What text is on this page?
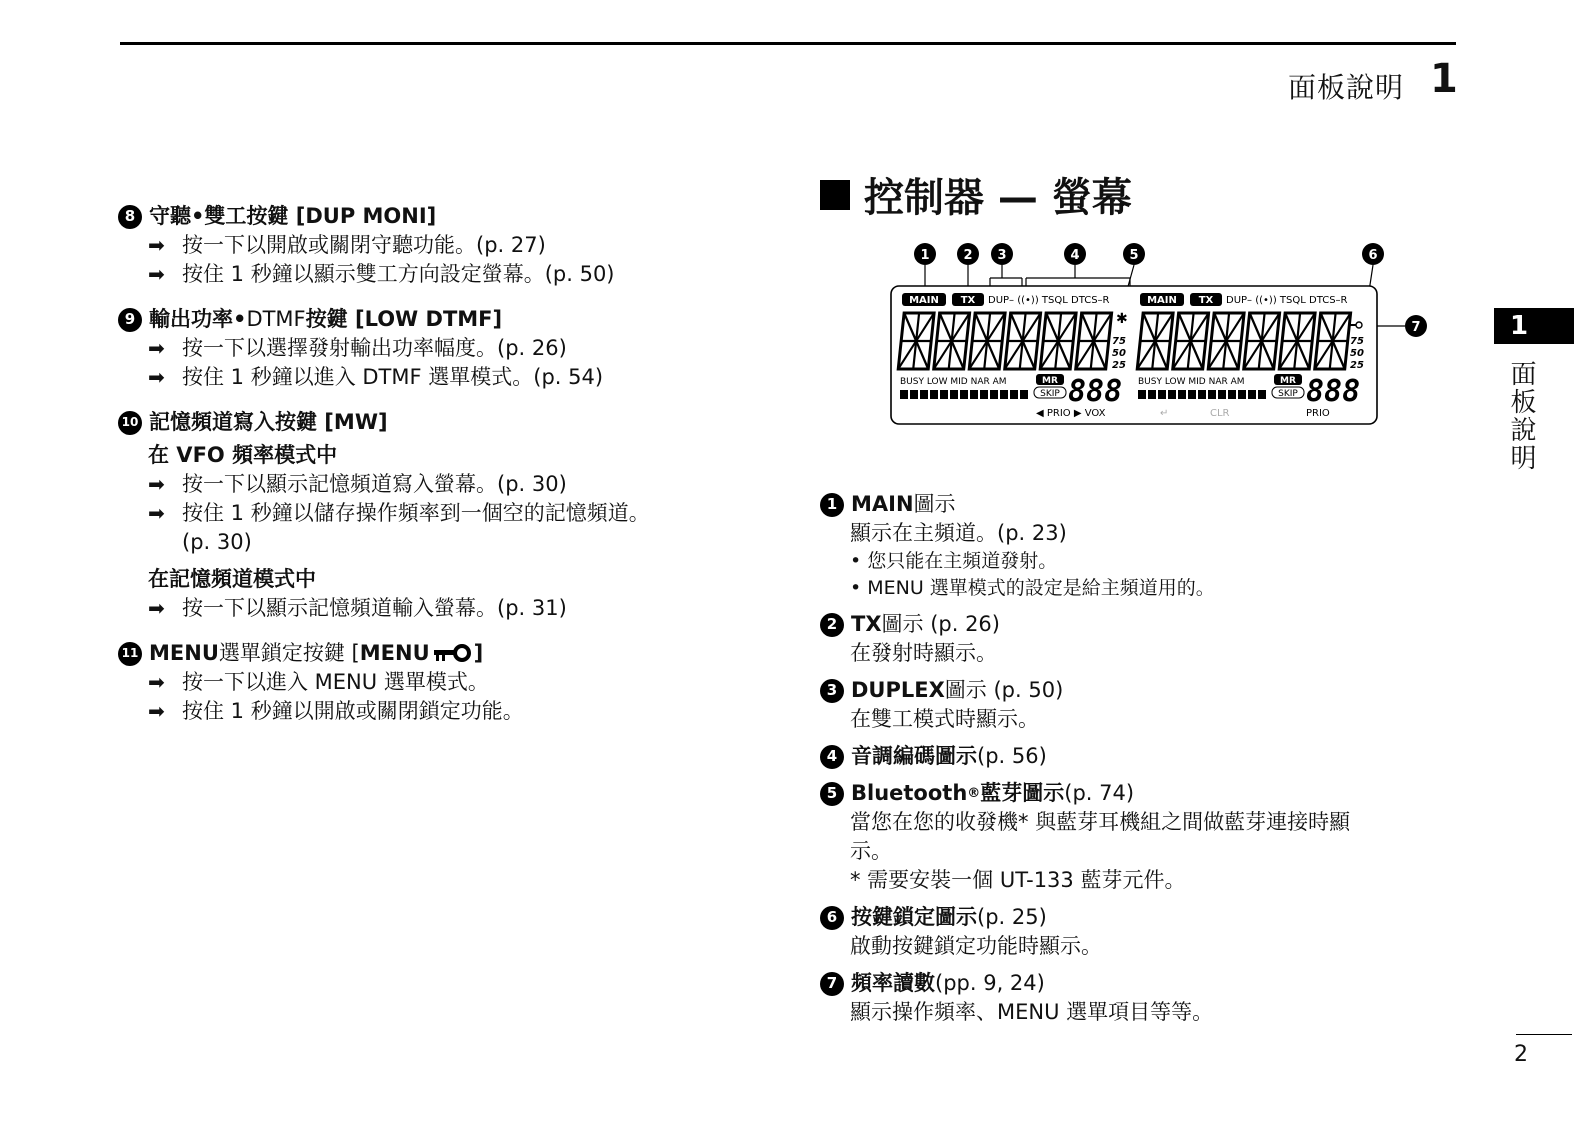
面板說明 1
1
面板說明
2
8 守聽•雙工按鍵 [ DUP MONI ]
➡ 按一下以開啟或關閉守聽功能。(p. 27)
➡ 按住 1 秒鐘以顯示雙工方向設定螢幕。(p. 50)
9 輸出功率• DTMF 按鍵 [ LOW DTMF ]
➡ 按一下以選擇發射輸出功率幅度。(p. 26)
➡ 按住 1 秒鐘以進入 DTMF 選單模式。(p. 54)
10 記憶頻道寫入按鍵 [ MW ]
在 VFO 頻率模式中
➡ 按一下以顯示記憶頻道寫入螢幕。(p. 30)
➡ 按住 1 秒鐘以儲存操作頻率到一個空的記憶頻道。
(p. 30)
在記憶頻道模式中
➡ 按一下以顯示記憶頻道輸入螢幕。(p. 31)
11 MENU 選單鎖定按鍵 [ MENU ]
➡ 按一下以進入 MENU 選單模式。
➡ 按住 1 秒鐘以開啟或關閉鎖定功能。
控制器 — 螢幕
1	2 3	4	5	6
7
MAIN TX DUP– ((•)) TSQL DTCS–R	MAIN TX DUP– ((•)) TSQL DTCS–R
✱
75
50
25
75
50
25
BUSY LOW MID NAR AM	BUSY LOW MID NAR AM
MR
SKIP
MR
SKIP
888	888
◀ PRIO ▶ VOX	↵	CLR	PRIO
1 MAIN 圖示
顯示在主頻道。(p. 23)
• 您只能在主頻道發射。
• MENU 選單模式的設定是給主頻道用的。
2 TX 圖示 (p. 26)
在發射時顯示。
3 DUPLEX 圖示 (p. 50)
在雙工模式時顯示。
4 音調編碼圖示 (p. 56)
5 Bluetooth ® 藍芽圖示 (p. 74)
當您在您的收發機* 與藍芽耳機組之間做藍芽連接時顯
示。
* 需要安裝一個 UT-133 藍芽元件。
6 按鍵鎖定圖示 (p. 25)
啟動按鍵鎖定功能時顯示。
7 頻率讀數 (pp. 9, 24)
顯示操作頻率、MENU 選單項目等等。
